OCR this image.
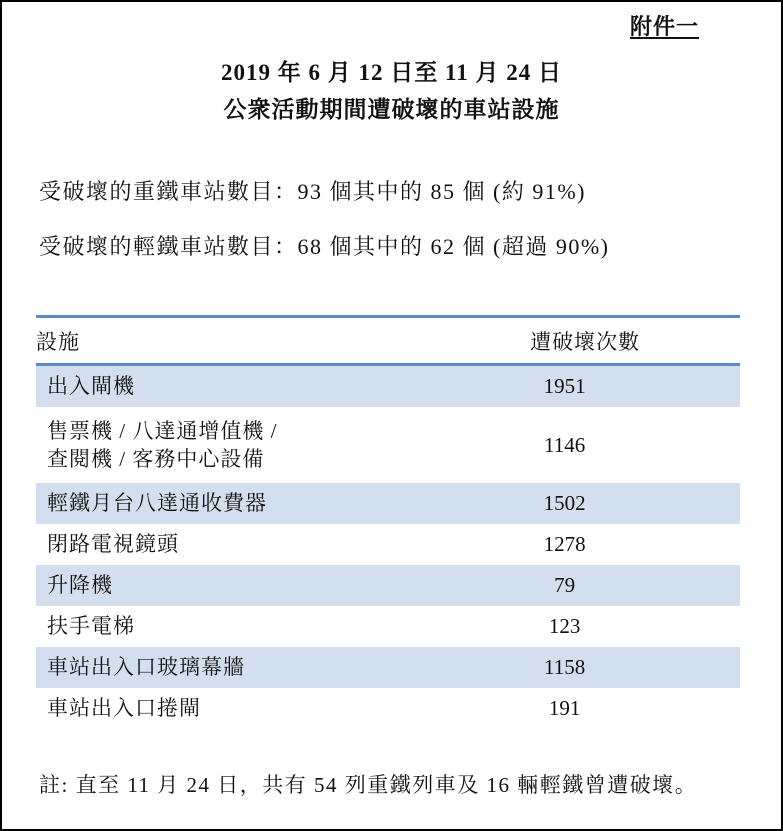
附件一
2019 年 6 月 12 日至 11 月 24 日
公衆活動期間遭破壞的車站設施
受破壞的重鐵車站數目：93 個其中的 85 個 (約 91%)
受破壞的輕鐵車站數目：68 個其中的 62 個 (超過 90%)
設施	遭破壞次數

出入閘機	1951

售票機 / 八達通增值機 /
查閱機 / 客務中心設備	1146

輕鐵月台八達通收費器	1502

閉路電視鏡頭	1278

升降機	79

扶手電梯	123

車站出入口玻璃幕牆	1158

車站出入口捲閘	191
註: 直至 11 月 24 日，共有 54 列重鐵列車及 16 輛輕鐵曾遭破壞。
